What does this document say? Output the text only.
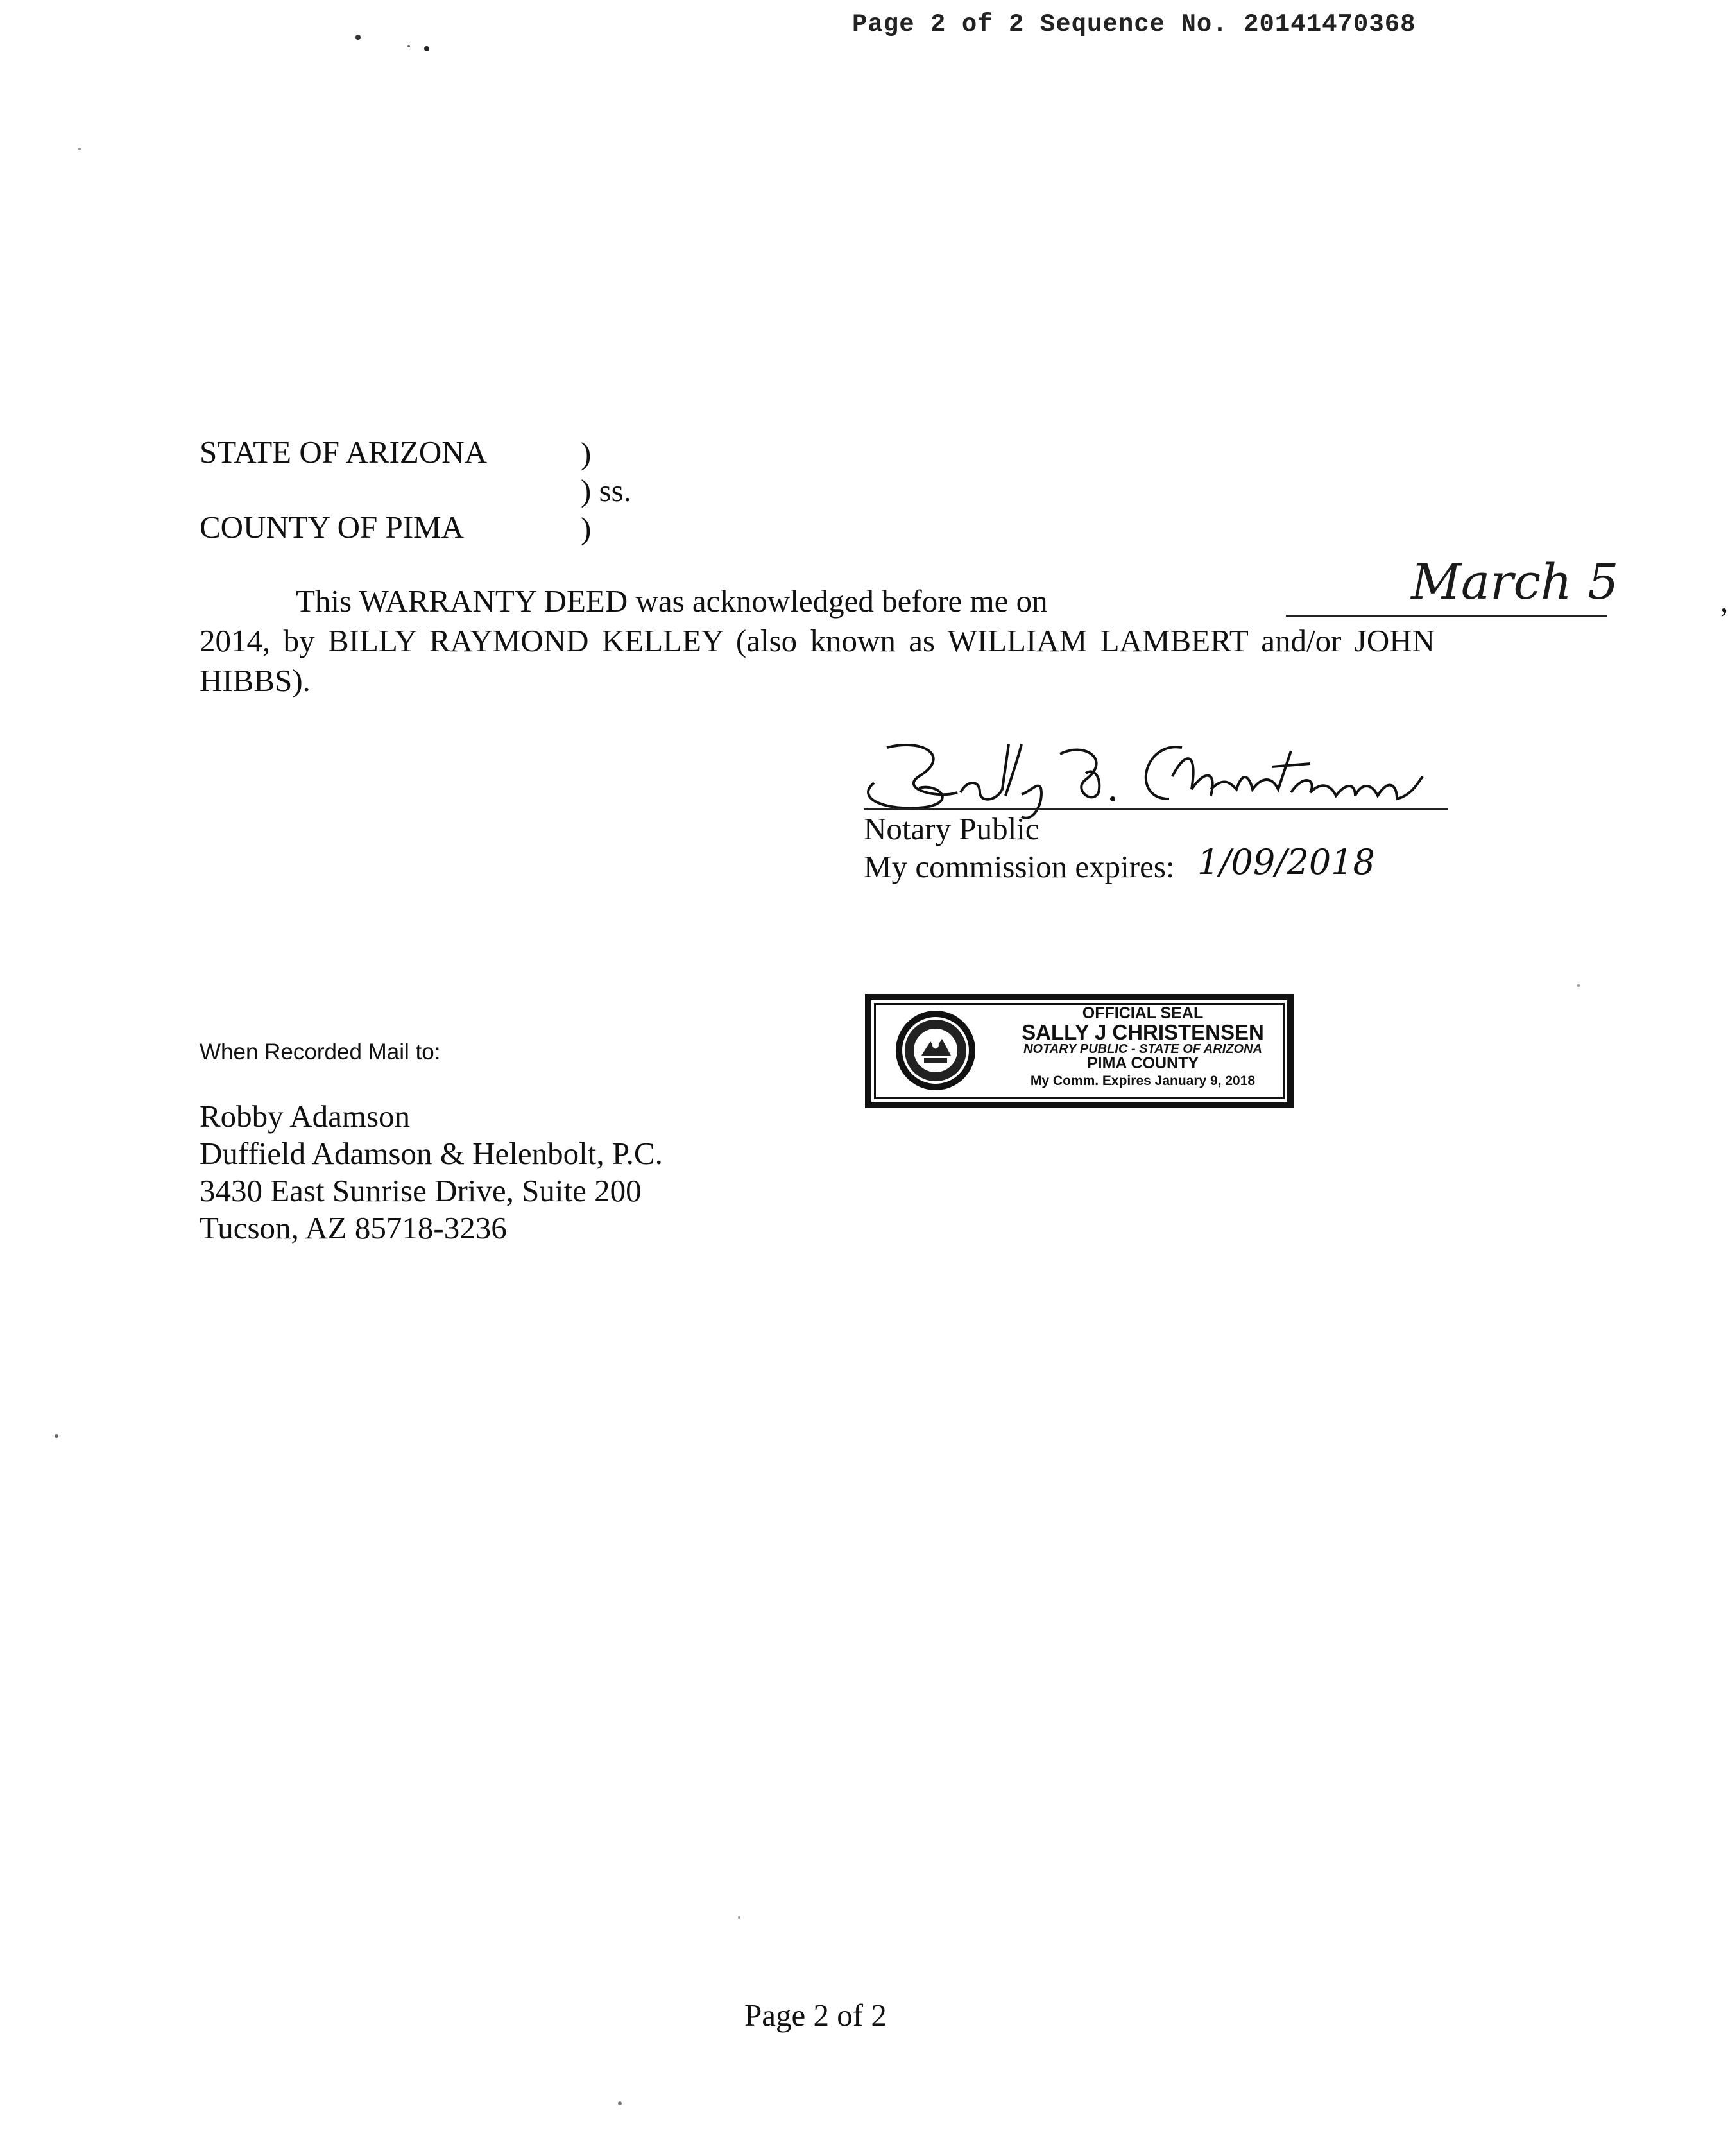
Page 2 of 2 Sequence No. 20141470368
STATE OF ARIZONA	)
) ss.
COUNTY OF PIMA	)

This WARRANTY DEED was acknowledged before me on	March 5	,

2014, by BILLY RAYMOND KELLEY (also known as WILLIAM LAMBERT and/or JOHN HIBBS).

Notary Public
My commission expires: 1/09/2018
OFFICIAL SEAL
SALLY J CHRISTENSEN
NOTARY PUBLIC - STATE OF ARIZONA
PIMA COUNTY
My Comm. Expires January 9, 2018
When Recorded Mail to:
Robby Adamson
Duffield Adamson & Helenbolt, P.C.
3430 East Sunrise Drive, Suite 200
Tucson, AZ 85718-3236
Page 2 of 2
